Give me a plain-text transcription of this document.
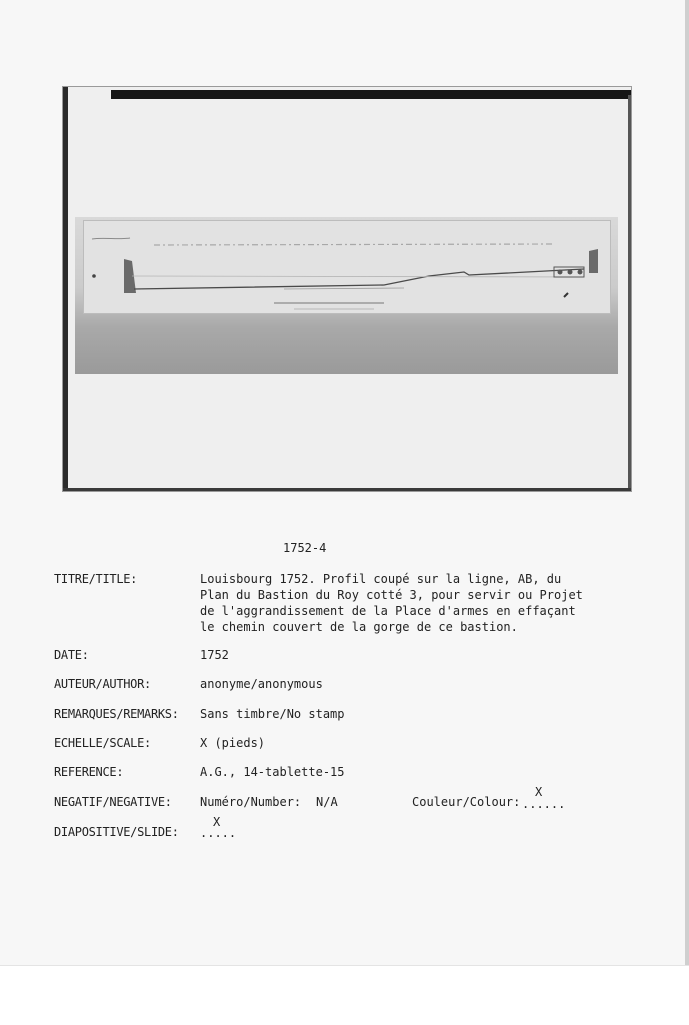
1752-4
TITRE/TITLE:	Louisbourg 1752. Profil coupé sur la ligne, AB, du
Plan du Bastion du Roy cotté 3, pour servir ou Projet
de l'aggrandissement de la Place d'armes en effaçant
le chemin couvert de la gorge de ce bastion.
DATE:	1752
AUTEUR/AUTHOR:	anonyme/anonymous
REMARQUES/REMARKS: Sans timbre/No stamp
ECHELLE/SCALE:	X (pieds)
REFERENCE:	A.G., 14-tablette-15
NEGATIF/NEGATIVE: Numéro/Number: N/A	Couleur/Colour:
X
......
DIAPOSITIVE/SLIDE:
X
.....
